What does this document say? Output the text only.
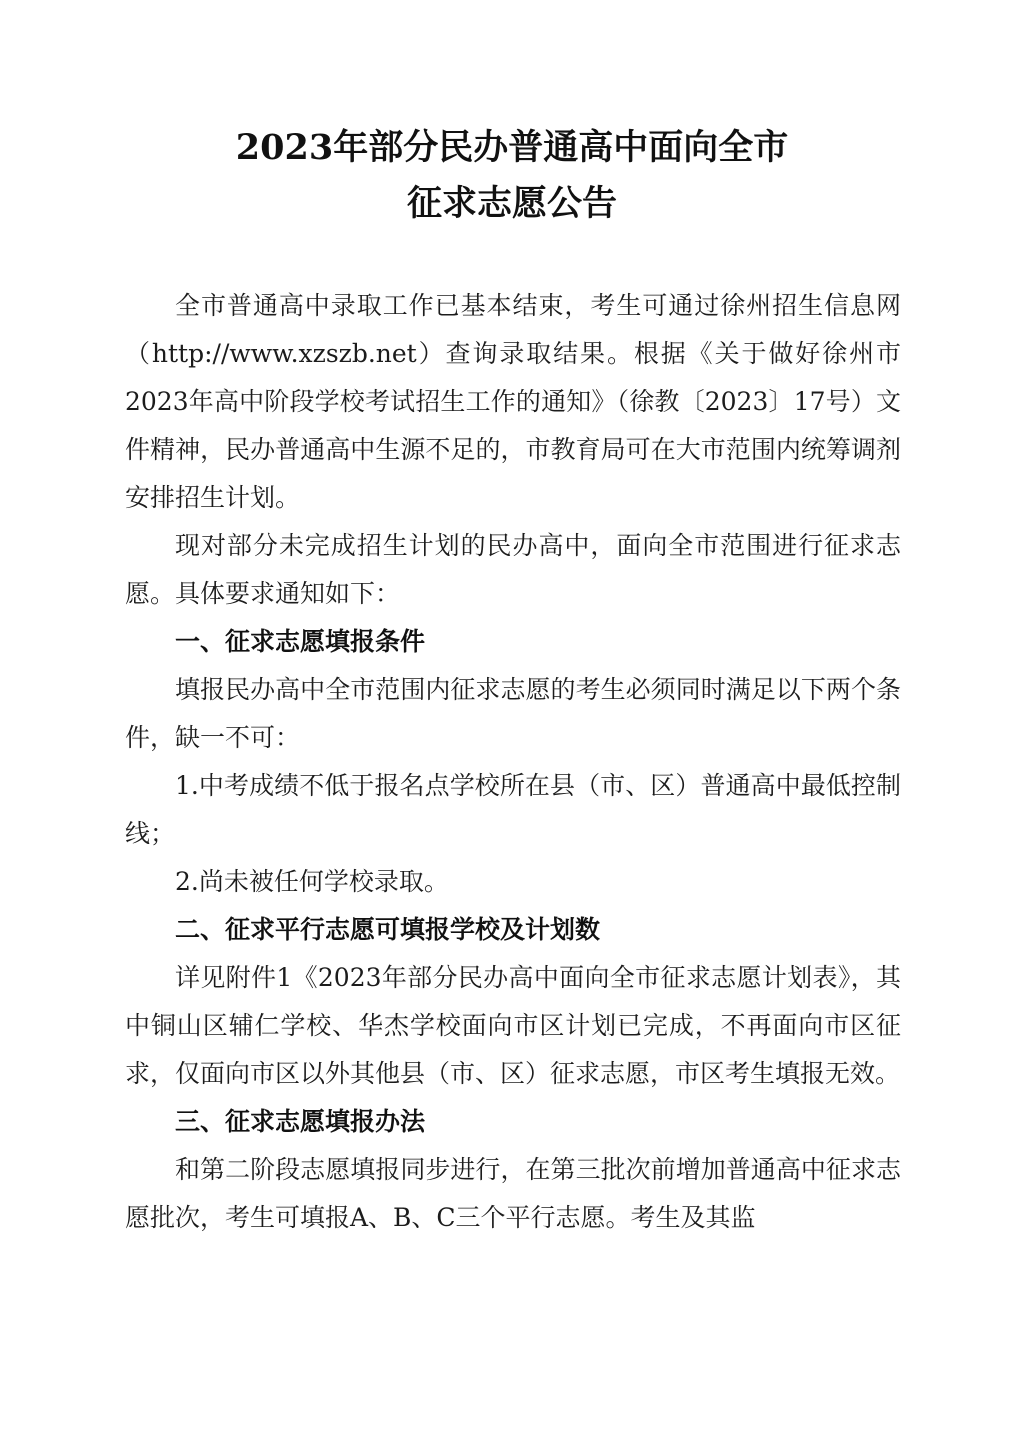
2023年部分民办普通高中面向全市
征求志愿公告

全市普通高中录取工作已基本结束，考生可通过徐州招生信息网（http://www.xzszb.net）查询录取结果。根据《关于做好徐州市2023年高中阶段学校考试招生工作的通知》（徐教〔2023〕17号）文件精神，民办普通高中生源不足的，市教育局可在大市范围内统筹调剂安排招生计划。

现对部分未完成招生计划的民办高中，面向全市范围进行征求志愿。具体要求通知如下：

一、征求志愿填报条件

填报民办高中全市范围内征求志愿的考生必须同时满足以下两个条件，缺一不可：

1.中考成绩不低于报名点学校所在县（市、区）普通高中最低控制线；

2.尚未被任何学校录取。

二、征求平行志愿可填报学校及计划数

详见附件1《2023年部分民办高中面向全市征求志愿计划表》，其中铜山区辅仁学校、华杰学校面向市区计划已完成，不再面向市区征求，仅面向市区以外其他县（市、区）征求志愿，市区考生填报无效。

三、征求志愿填报办法

和第二阶段志愿填报同步进行，在第三批次前增加普通高中征求志愿批次，考生可填报A、B、C三个平行志愿。考生及其监
